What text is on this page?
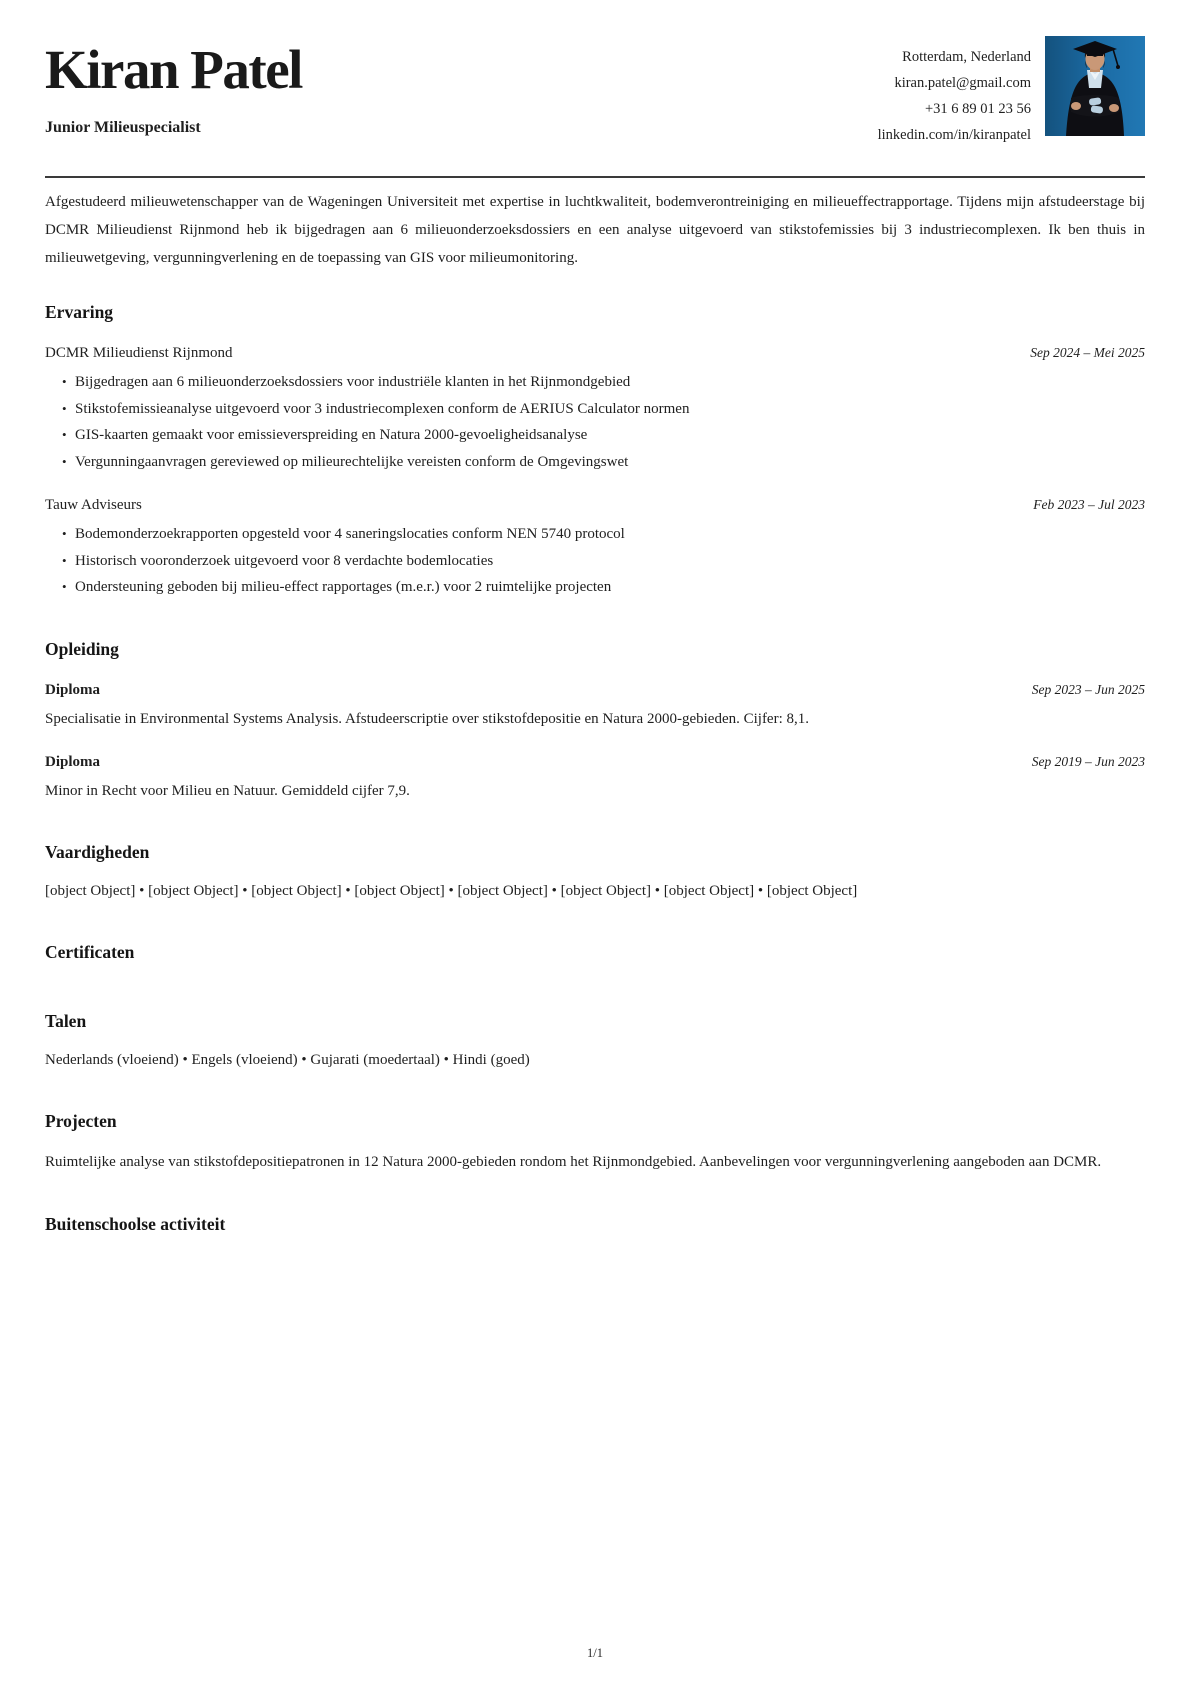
Kiran Patel
Junior Milieuspecialist
Rotterdam, Nederland
kiran.patel@gmail.com
+31 6 89 01 23 56
linkedin.com/in/kiranpatel

Afgestudeerd milieuwetenschapper van de Wageningen Universiteit met expertise in luchtkwaliteit, bodemverontreiniging en milieueffectrapportage. Tijdens mijn afstudeerstage bij DCMR Milieudienst Rijnmond heb ik bijgedragen aan 6 milieuonderzoeksdossiers en een analyse uitgevoerd van stikstofemissies bij 3 industriecomplexen. Ik ben thuis in milieuwetgeving, vergunningverlening en de toepassing van GIS voor milieumonitoring.

Ervaring
DCMR Milieudienst Rijnmond	Sep 2024 – Mei 2025
• Bijgedragen aan 6 milieuonderzoeksdossiers voor industriële klanten in het Rijnmondgebied
• Stikstofemissieanalyse uitgevoerd voor 3 industriecomplexen conform de AERIUS Calculator normen
• GIS-kaarten gemaakt voor emissieverspreiding en Natura 2000-gevoeligheidsanalyse
• Vergunningaanvragen gereviewed op milieurechtelijke vereisten conform de Omgevingswet
Tauw Adviseurs	Feb 2023 – Jul 2023
• Bodemonderzoekrapporten opgesteld voor 4 saneringslocaties conform NEN 5740 protocol
• Historisch vooronderzoek uitgevoerd voor 8 verdachte bodemlocaties
• Ondersteuning geboden bij milieu-effect rapportages (m.e.r.) voor 2 ruimtelijke projecten
Opleiding
Diploma	Sep 2023 – Jun 2025

Specialisatie in Environmental Systems Analysis. Afstudeerscriptie over stikstofdepositie en Natura 2000-gebieden. Cijfer: 8,1.

Diploma	Sep 2019 – Jun 2023

Minor in Recht voor Milieu en Natuur. Gemiddeld cijfer 7,9.

Vaardigheden

[object Object] • [object Object] • [object Object] • [object Object] • [object Object] • [object Object] • [object Object] • [object Object]

Certificaten
Talen

Nederlands (vloeiend) • Engels (vloeiend) • Gujarati (moedertaal) • Hindi (goed)

Projecten

Ruimtelijke analyse van stikstofdepositiepatronen in 12 Natura 2000-gebieden rondom het Rijnmondgebied. Aanbevelingen voor vergunningverlening aangeboden aan DCMR.

Buitenschoolse activiteit
1/1
